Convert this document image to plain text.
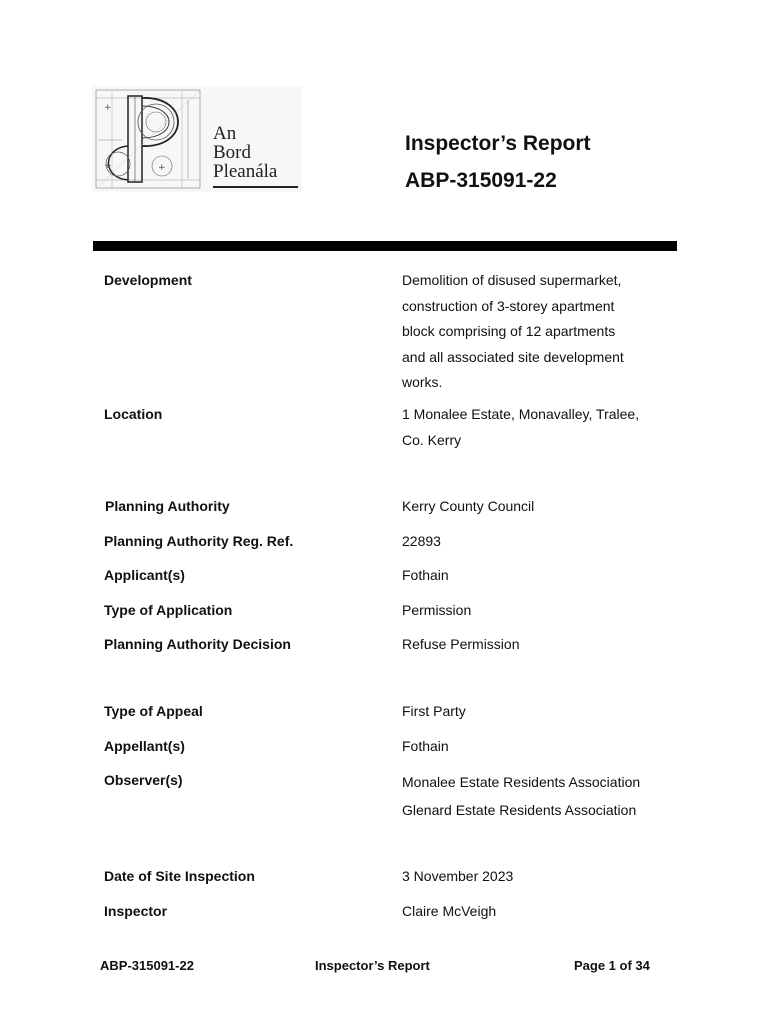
+
+	+
An
Bord
Pleanála
Inspector’s Report
ABP-315091-22
Development	Demolition of disused supermarket,
construction of 3-storey apartment
block comprising of 12 apartments
and all associated site development
works.
Location	1 Monalee Estate, Monavalley, Tralee,
Co. Kerry
Planning Authority	Kerry County Council
Planning Authority Reg. Ref.	22893
Applicant(s)	Fothain
Type of Application	Permission
Planning Authority Decision	Refuse Permission
Type of Appeal	First Party
Appellant(s)	Fothain
Observer(s)	Monalee Estate Residents Association
Glenard Estate Residents Association
Date of Site Inspection	3 November 2023
Inspector	Claire McVeigh
ABP-315091-22	Inspector’s Report	Page 1 of 34
